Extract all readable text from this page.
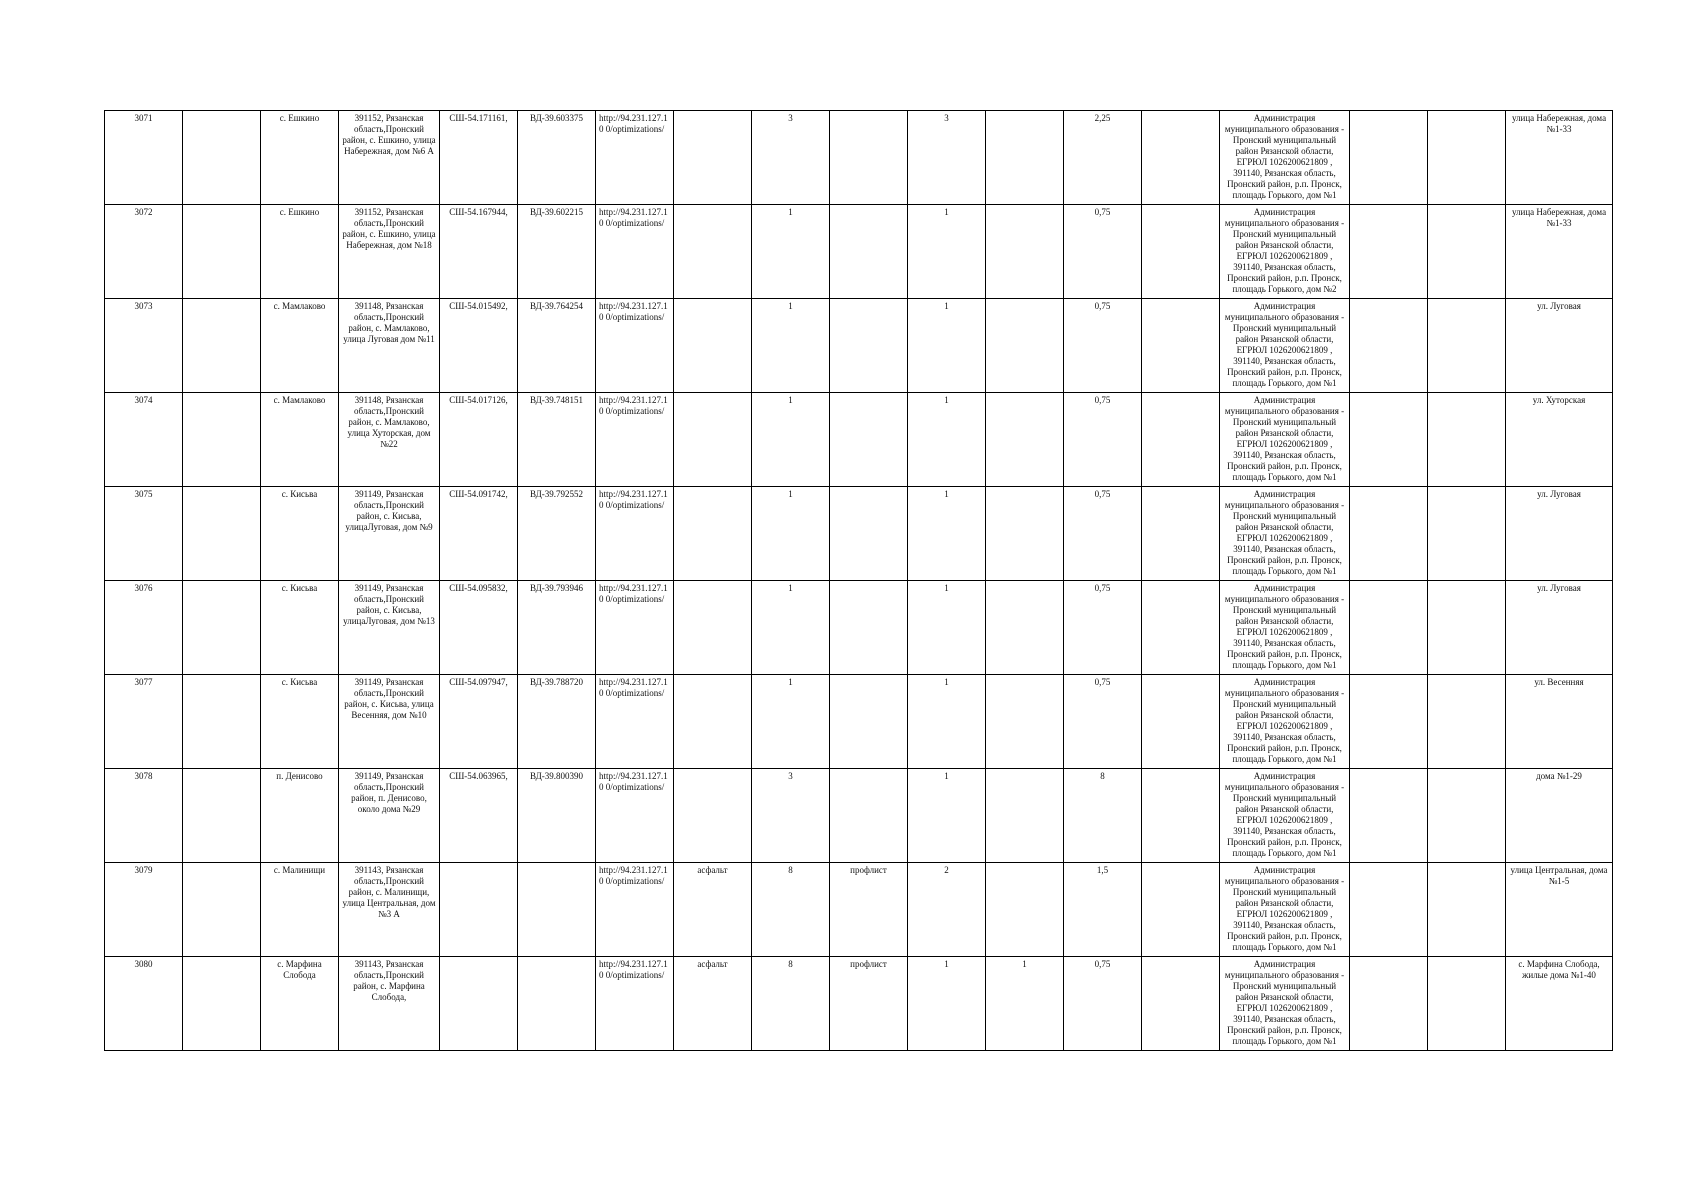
3071		с. Ешкино	391152, Рязанская область,Пронский район, с. Ешкино, улица Набережная, дом №6 А	СШ-54.171161,	ВД-39.603375	http://94.231.127.10 0/optimizations/		3		3		2,25		Администрация муниципального образования - Пронский муниципальный район Рязанской области, ЕГРЮЛ 1026200621809 , 391140, Рязанская область, Пронский район, р.п. Пронск, площадь Горького, дом №1			улица Набережная, дома №1-33
3072		с. Ешкино	391152, Рязанская область,Пронский район, с. Ешкино, улица Набережная, дом №18	СШ-54.167944,	ВД-39.602215	http://94.231.127.10 0/optimizations/		1		1		0,75		Администрация муниципального образования - Пронский муниципальный район Рязанской области, ЕГРЮЛ 1026200621809 , 391140, Рязанская область, Пронский район, р.п. Пронск, площадь Горького, дом №2			улица Набережная, дома №1-33
3073		с. Мамлаково	391148, Рязанская область,Пронский район, с. Мамлаково, улица Луговая дом №11	СШ-54.015492,	ВД-39.764254	http://94.231.127.10 0/optimizations/		1		1		0,75		Администрация муниципального образования - Пронский муниципальный район Рязанской области, ЕГРЮЛ 1026200621809 , 391140, Рязанская область, Пронский район, р.п. Пронск, площадь Горького, дом №1			ул. Луговая
3074		с. Мамлаково	391148, Рязанская область,Пронский район, с. Мамлаково, улица Хуторская, дом №22	СШ-54.017126,	ВД-39.748151	http://94.231.127.10 0/optimizations/		1		1		0,75		Администрация муниципального образования - Пронский муниципальный район Рязанской области, ЕГРЮЛ 1026200621809 , 391140, Рязанская область, Пронский район, р.п. Пронск, площадь Горького, дом №1			ул. Хуторская
3075		с. Кисьва	391149, Рязанская область,Пронский район, с. Кисьва, улицаЛуговая, дом №9	СШ-54.091742,	ВД-39.792552	http://94.231.127.10 0/optimizations/		1		1		0,75		Администрация муниципального образования - Пронский муниципальный район Рязанской области, ЕГРЮЛ 1026200621809 , 391140, Рязанская область, Пронский район, р.п. Пронск, площадь Горького, дом №1			ул. Луговая
3076		с. Кисьва	391149, Рязанская область,Пронский район, с. Кисьва, улицаЛуговая, дом №13	СШ-54.095832,	ВД-39.793946	http://94.231.127.10 0/optimizations/		1		1		0,75		Администрация муниципального образования - Пронский муниципальный район Рязанской области, ЕГРЮЛ 1026200621809 , 391140, Рязанская область, Пронский район, р.п. Пронск, площадь Горького, дом №1			ул. Луговая
3077		с. Кисьва	391149, Рязанская область,Пронский район, с. Кисьва, улица Весенняя, дом №10	СШ-54.097947,	ВД-39.788720	http://94.231.127.10 0/optimizations/		1		1		0,75		Администрация муниципального образования - Пронский муниципальный район Рязанской области, ЕГРЮЛ 1026200621809 , 391140, Рязанская область, Пронский район, р.п. Пронск, площадь Горького, дом №1			ул. Весенняя
3078		п. Денисово	391149, Рязанская область,Пронский район, п. Денисово, около дома №29	СШ-54.063965,	ВД-39.800390	http://94.231.127.10 0/optimizations/		3		1		8		Администрация муниципального образования - Пронский муниципальный район Рязанской области, ЕГРЮЛ 1026200621809 , 391140, Рязанская область, Пронский район, р.п. Пронск, площадь Горького, дом №1			дома №1-29
3079		с. Малинищи	391143, Рязанская область,Пронский район, с. Малинищи, улица Центральная, дом №3 А			http://94.231.127.10 0/optimizations/	асфальт	8	профлист	2		1,5		Администрация муниципального образования - Пронский муниципальный район Рязанской области, ЕГРЮЛ 1026200621809 , 391140, Рязанская область, Пронский район, р.п. Пронск, площадь Горького, дом №1			улица Центральная, дома №1-5
3080		с. Марфина Слобода	391143, Рязанская область,Пронский район, с. Марфина Слобода,			http://94.231.127.10 0/optimizations/	асфальт	8	профлист	1	1	0,75		Администрация муниципального образования - Пронский муниципальный район Рязанской области, ЕГРЮЛ 1026200621809 , 391140, Рязанская область, Пронский район, р.п. Пронск, площадь Горького, дом №1			с. Марфина Слобода, жилые дома №1-40
